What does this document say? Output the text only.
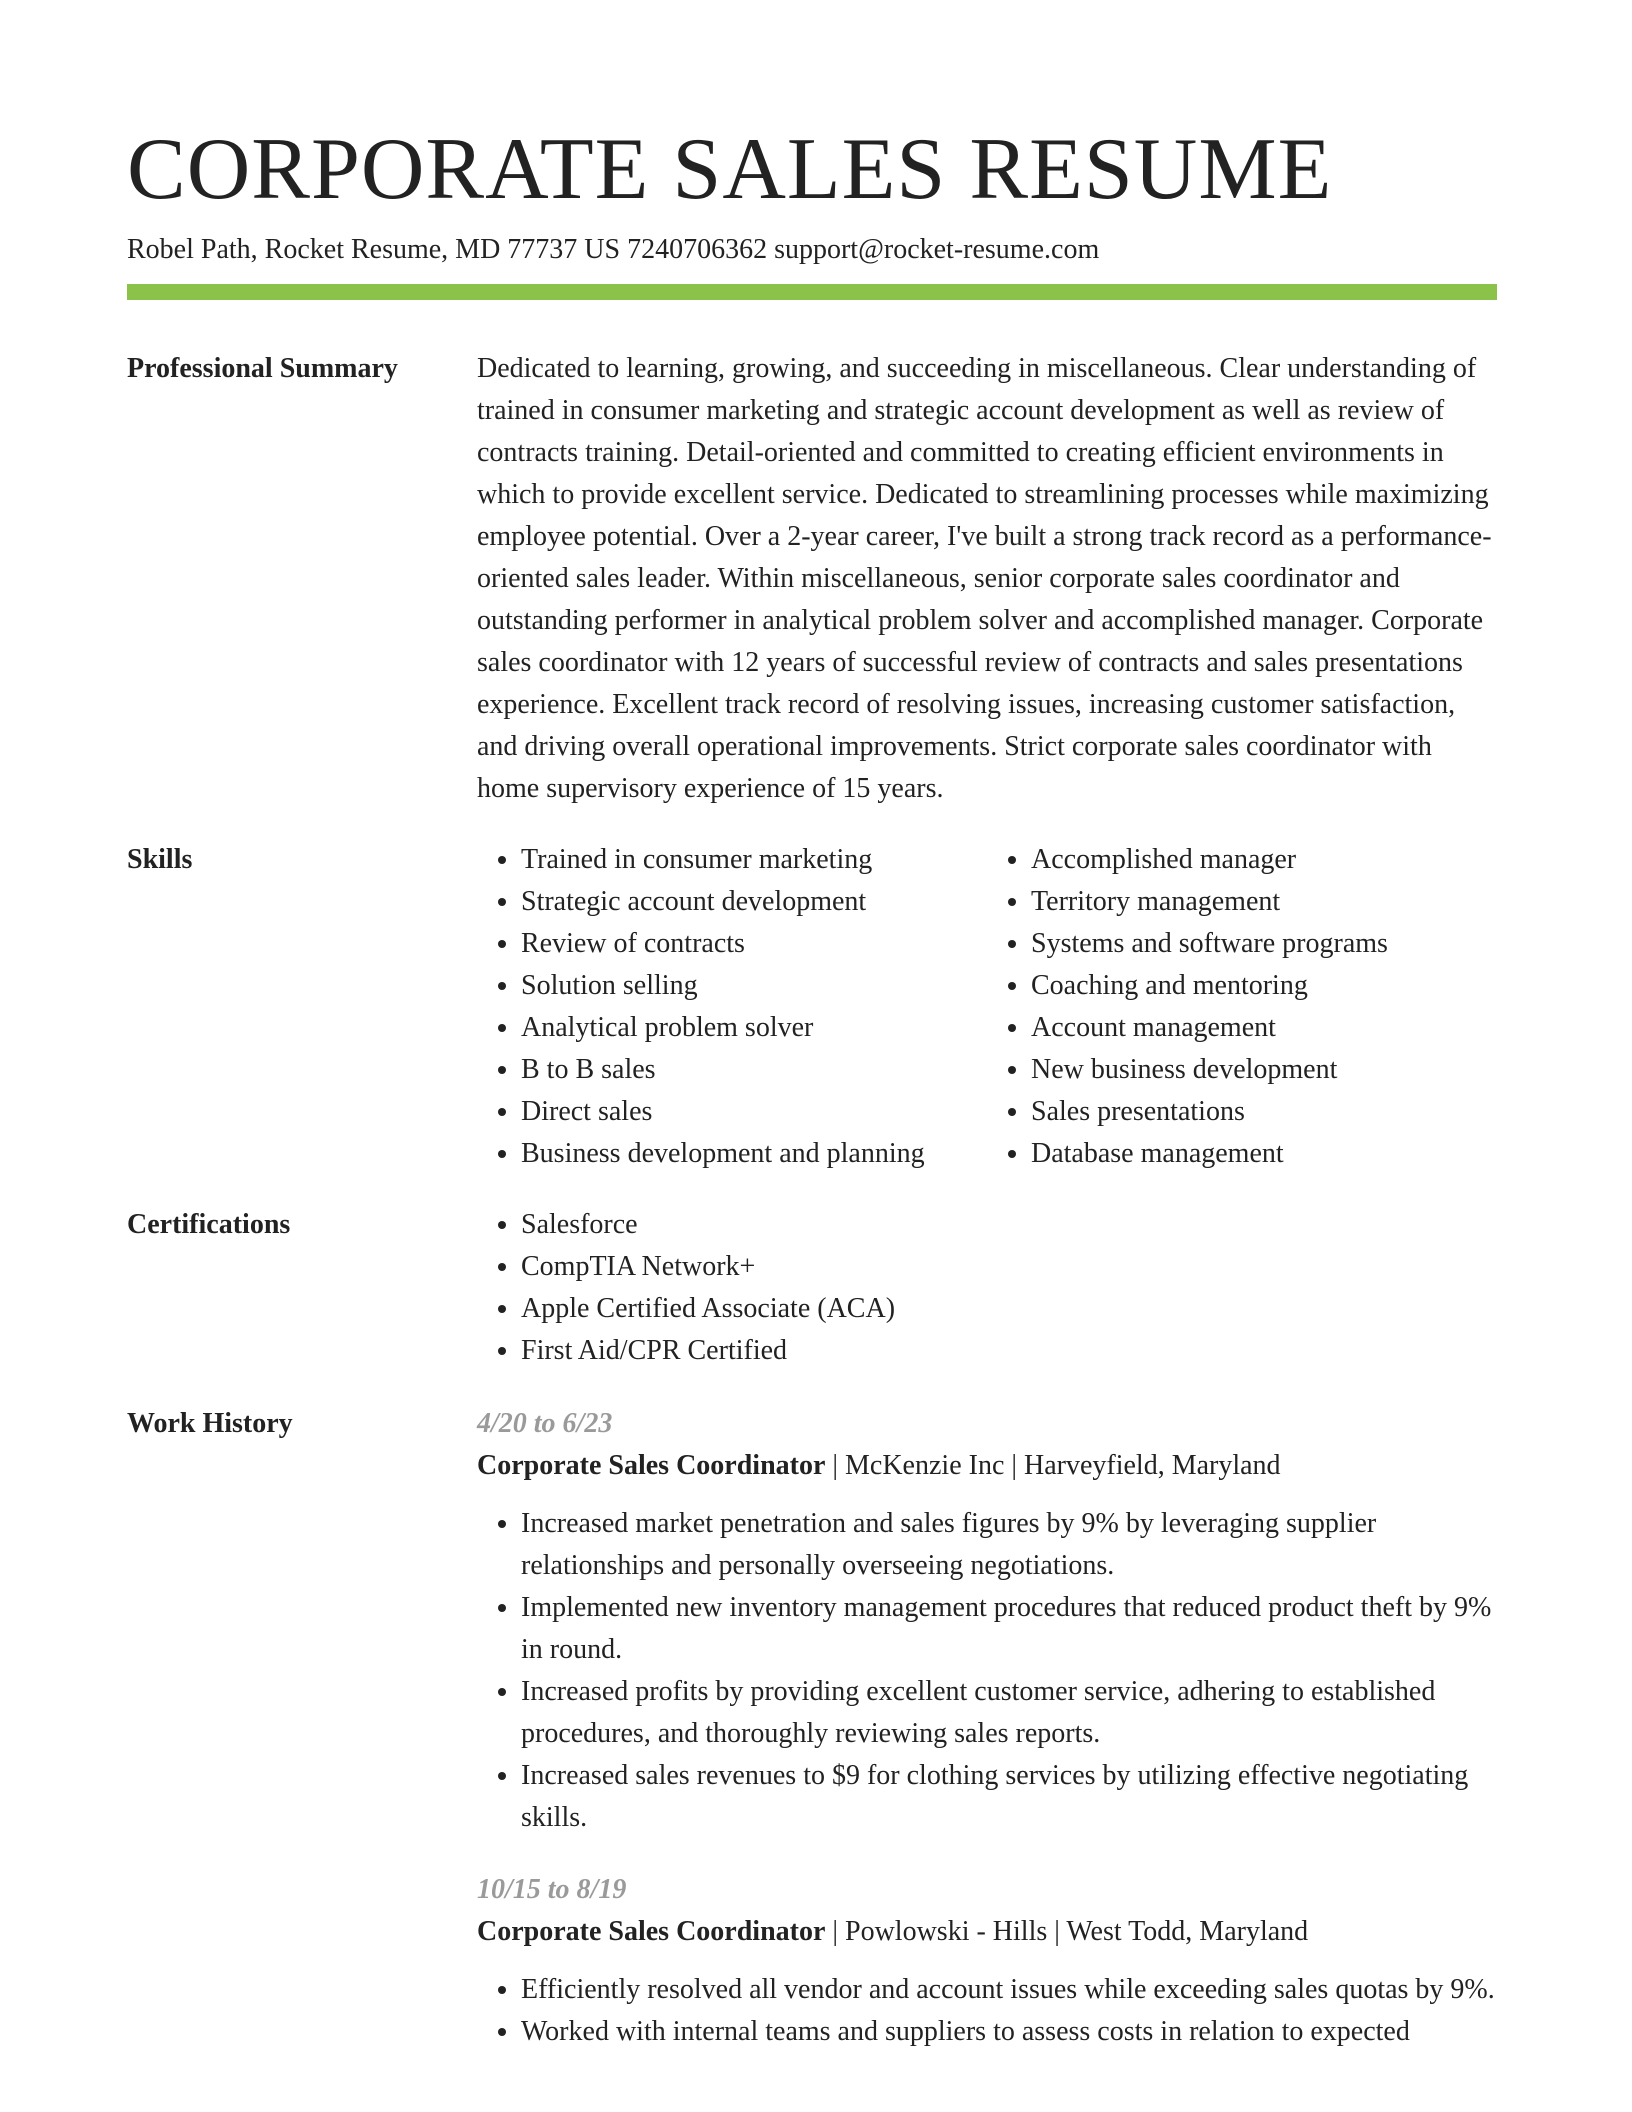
CORPORATE SALES RESUME
Robel Path, Rocket Resume, MD 77737 US 7240706362 support@rocket-resume.com
Professional Summary	Dedicated to learning, growing, and succeeding in miscellaneous. Clear understanding of trained in consumer marketing and strategic account development as well as review of contracts training. Detail-oriented and committed to creating efficient environments in which to provide excellent service. Dedicated to streamlining processes while maximizing employee potential. Over a 2-year career, I've built a strong track record as a performance-oriented sales leader. Within miscellaneous, senior corporate sales coordinator and outstanding performer in analytical problem solver and accomplished manager. Corporate sales coordinator with 12 years of successful review of contracts and sales presentations experience. Excellent track record of resolving issues, increasing customer satisfaction, and driving overall operational improvements. Strict corporate sales coordinator with home supervisory experience of 15 years.

Skills	• Trained in consumer marketing
• Strategic account development
• Review of contracts
• Solution selling
• Analytical problem solver
• B to B sales
• Direct sales
• Business development and planning
• Accomplished manager
• Territory management
• Systems and software programs
• Coaching and mentoring
• Account management
• New business development
• Sales presentations
• Database management
Certifications	• Salesforce
• CompTIA Network+
• Apple Certified Associate (ACA)
• First Aid/CPR Certified
Work History	4/20 to 6/23
Corporate Sales Coordinator | McKenzie Inc | Harveyfield, Maryland
• Increased market penetration and sales figures by 9% by leveraging supplier relationships and personally overseeing negotiations.
• Implemented new inventory management procedures that reduced product theft by 9% in round.
• Increased profits by providing excellent customer service, adhering to established procedures, and thoroughly reviewing sales reports.
• Increased sales revenues to $9 for clothing services by utilizing effective negotiating skills.
10/15 to 8/19
Corporate Sales Coordinator | Powlowski - Hills | West Todd, Maryland
• Efficiently resolved all vendor and account issues while exceeding sales quotas by 9%.
• Worked with internal teams and suppliers to assess costs in relation to expected
